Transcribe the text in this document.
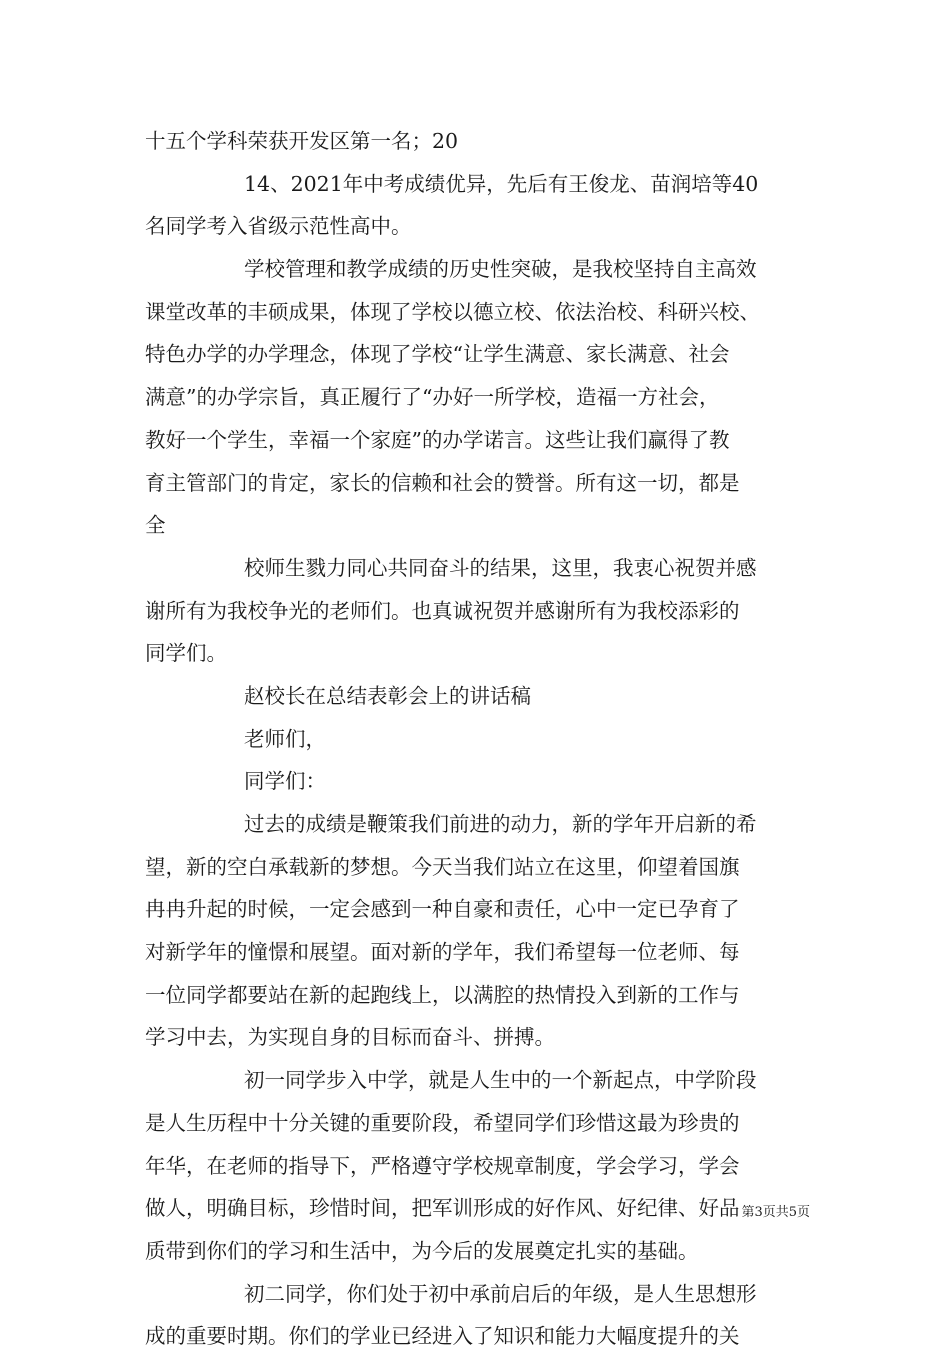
十五个学科荣获开发区第一名；20
14、2021年中考成绩优异，先后有王俊龙、苗润培等40
名同学考入省级示范性高中。
学校管理和教学成绩的历史性突破，是我校坚持自主高效
课堂改革的丰硕成果，体现了学校以德立校、依法治校、科研兴校、
特色办学的办学理念，体现了学校“让学生满意、家长满意、社会
满意”的办学宗旨，真正履行了“办好一所学校，造福一方社会，
教好一个学生，幸福一个家庭”的办学诺言。这些让我们赢得了教
育主管部门的肯定，家长的信赖和社会的赞誉。所有这一切，都是
全
校师生戮力同心共同奋斗的结果，这里，我衷心祝贺并感
谢所有为我校争光的老师们。也真诚祝贺并感谢所有为我校添彩的
同学们。
赵校长在总结表彰会上的讲话稿
老师们，
同学们：
过去的成绩是鞭策我们前进的动力，新的学年开启新的希
望，新的空白承载新的梦想。今天当我们站立在这里，仰望着国旗
冉冉升起的时候，一定会感到一种自豪和责任，心中一定已孕育了
对新学年的憧憬和展望。面对新的学年，我们希望每一位老师、每
一位同学都要站在新的起跑线上，以满腔的热情投入到新的工作与
学习中去，为实现自身的目标而奋斗、拼搏。
初一同学步入中学，就是人生中的一个新起点，中学阶段
是人生历程中十分关键的重要阶段，希望同学们珍惜这最为珍贵的
年华，在老师的指导下，严格遵守学校规章制度，学会学习，学会
做人，明确目标，珍惜时间，把军训形成的好作风、好纪律、好品
质带到你们的学习和生活中，为今后的发展奠定扎实的基础。
初二同学，你们处于初中承前启后的年级，是人生思想形
成的重要时期。你们的学业已经进入了知识和能力大幅度提升的关
第3页共5页
